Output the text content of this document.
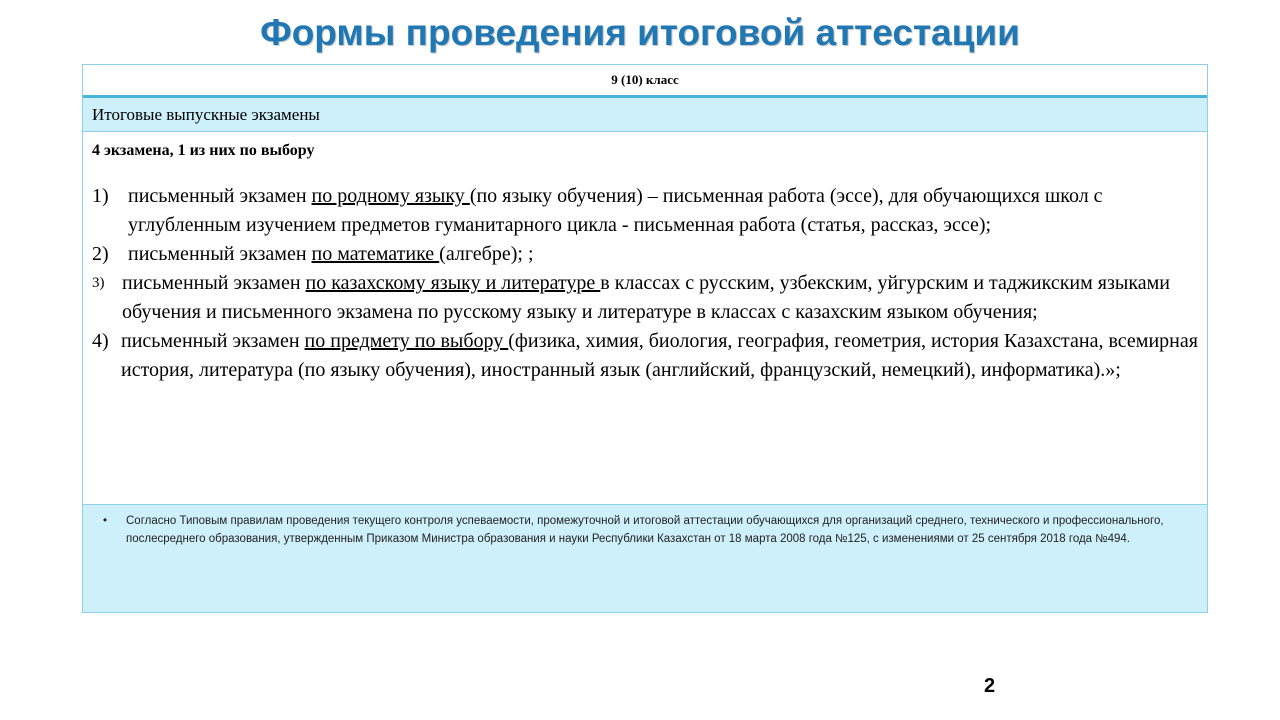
Формы проведения итоговой аттестации
9 (10) класс
Итоговые выпускные экзамены
4 экзамена, 1 из них по выбору
1) письменный экзамен по родному языку (по языку обучения) – письменная работа (эссе), для обучающихся школ с углубленным изучением предметов гуманитарного цикла - письменная работа (статья, рассказ, эссе);
2) письменный экзамен по математике (алгебре); ;
3) письменный экзамен по казахскому языку и литературе в классах с русским, узбекским, уйгурским и таджикским языками обучения и письменного экзамена по русскому языку и литературе в классах с казахским языком обучения;
4) письменный экзамен по предмету по выбору (физика, химия, биология, география, геометрия, история Казахстана, всемирная история, литература (по языку обучения), иностранный язык (английский, французский, немецкий), информатика).»;
• Согласно Типовым правилам проведения текущего контроля успеваемости, промежуточной и итоговой аттестации обучающихся для организаций среднего, технического и профессионального, послесреднего образования, утвержденным Приказом Министра образования и науки Республики Казахстан от 18 марта 2008 года №125, с изменениями от 25 сентября 2018 года №494.
2
